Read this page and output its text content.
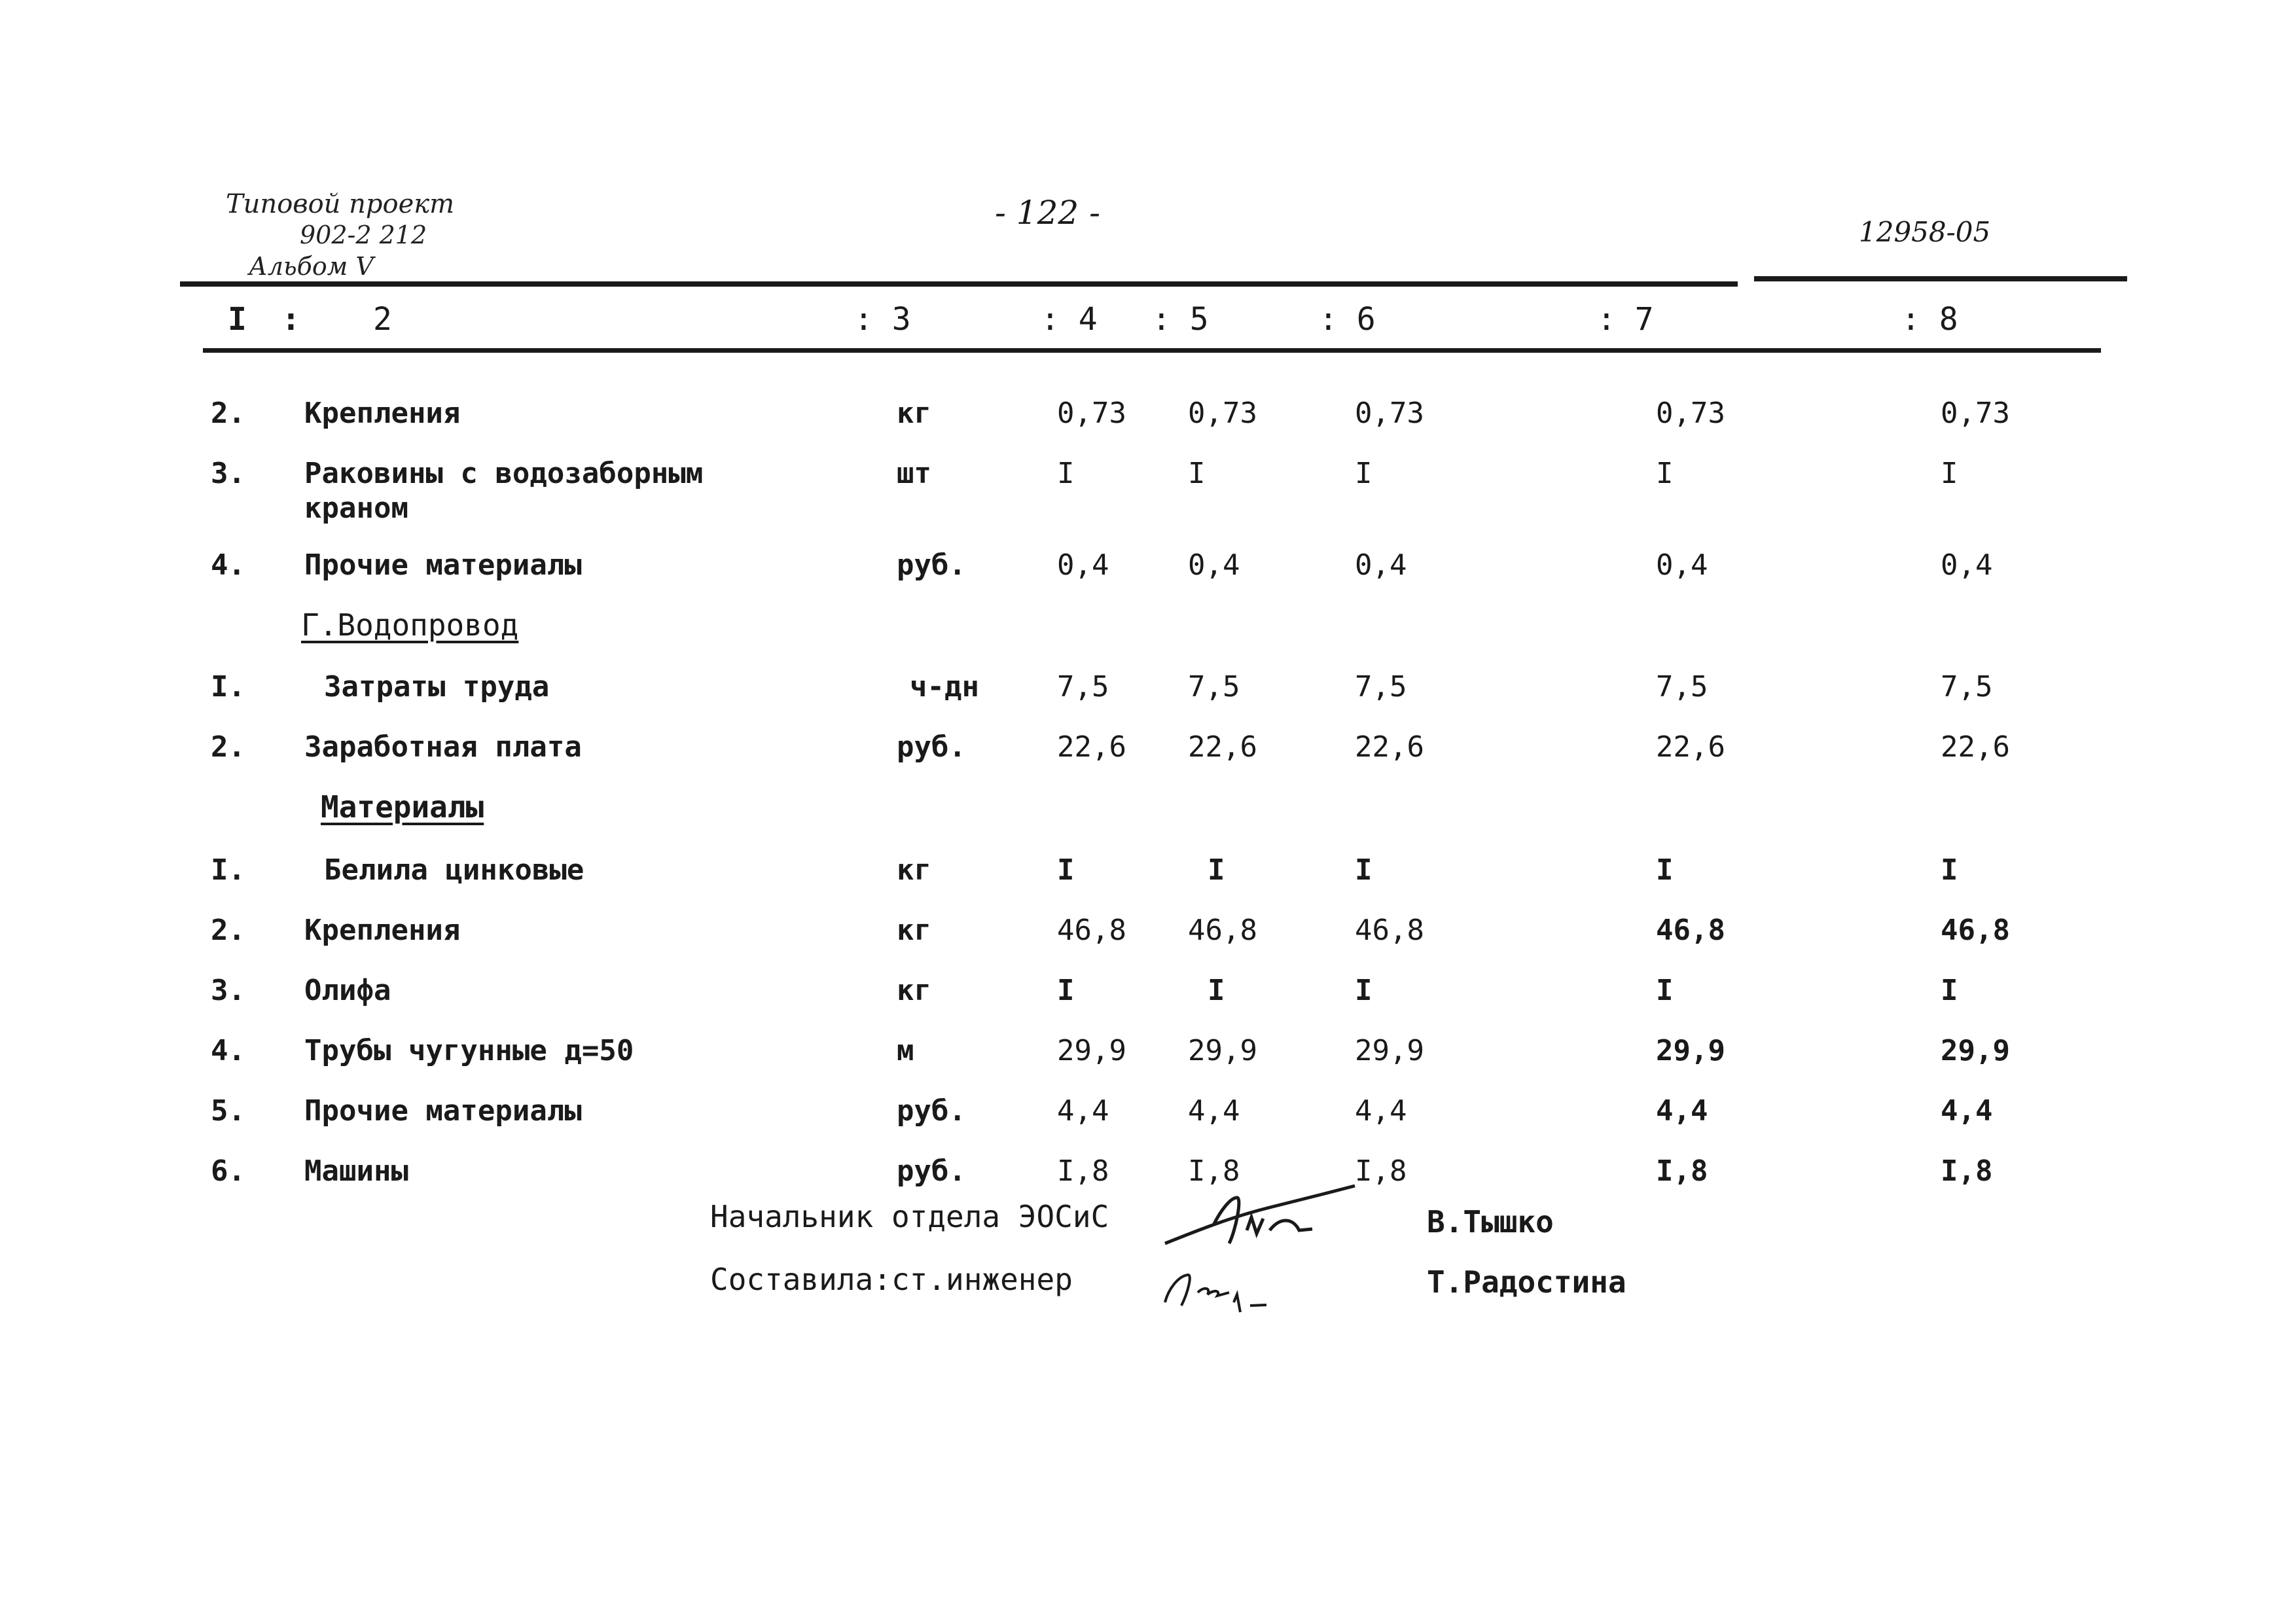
Типовой проект
902-2 212
Альбом V
- 122 -
12958-05
I : 2	: 3	: 4 : 5	: 6	: 7	: 8
2. Крепления	кг	0,73 0,73	0,73	0,73	0,73
3. Раковины с водозаборным	шт	I	I	I	I	I
краном
4. Прочие материалы	руб.	0,4	0,4	0,4	0,4	0,4
Г.Водопровод
I.	Затраты труда	ч-дн	7,5	7,5	7,5	7,5	7,5
2. Заработная плата	руб.	22,6 22,6	22,6	22,6	22,6
Материалы
I.	Белила цинковые	кг	I	I	I	I	I
2. Крепления	кг	46,8 46,8	46,8	46,8	46,8
3. Олифа	кг	I	I	I	I	I
4. Трубы чугунные д=50	м	29,9 29,9	29,9	29,9	29,9
5. Прочие материалы	руб.	4,4	4,4	4,4	4,4	4,4
6. Машины	руб.	I,8	I,8	I,8	I,8	I,8
Начальник отдела ЭОСиС	В.Тышко
Составила:ст.инженер	Т.Радостина
